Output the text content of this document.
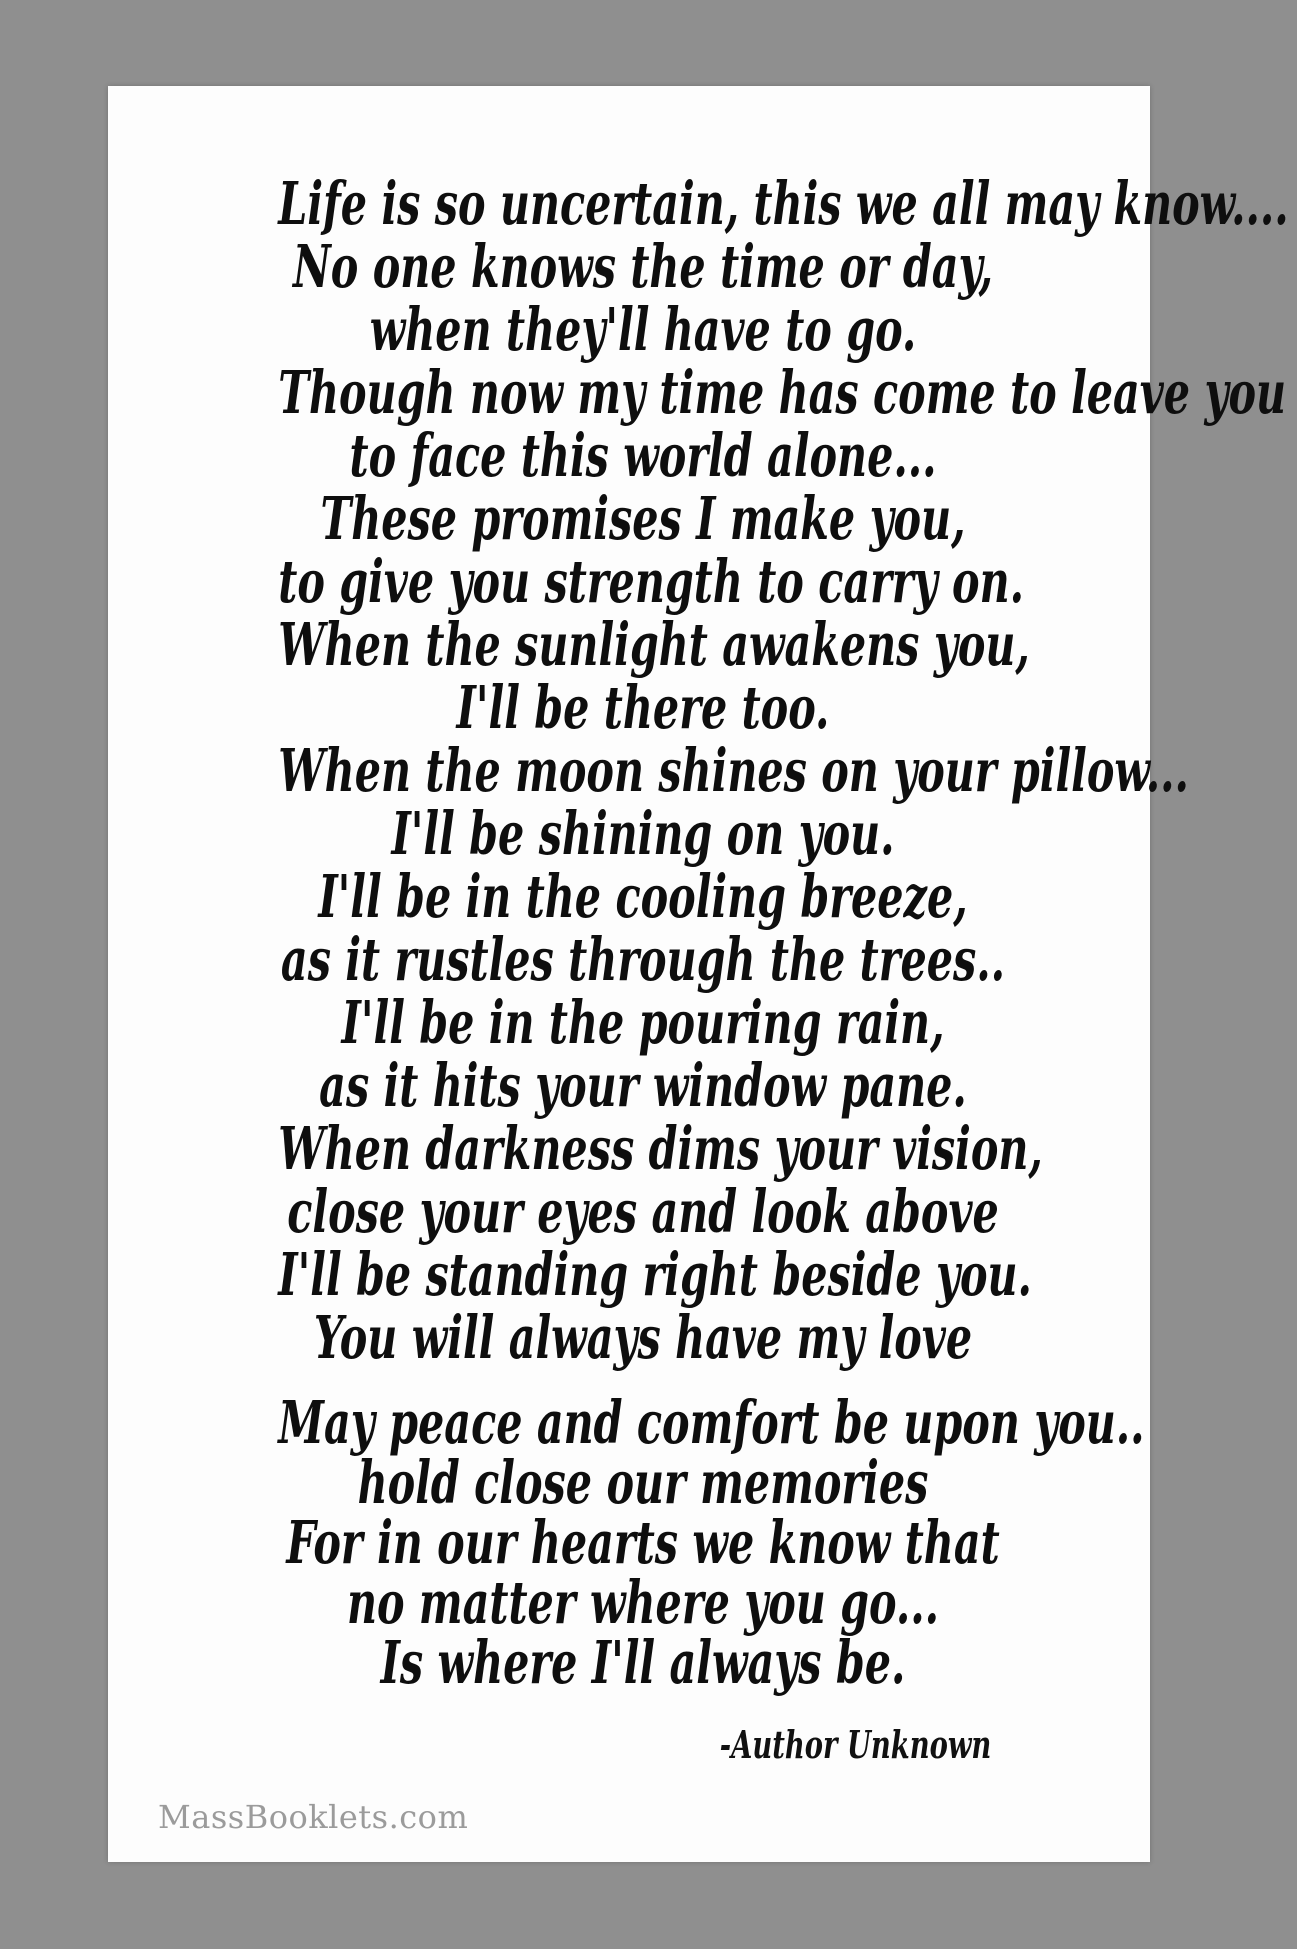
Life is so uncertain, this we all may know....
No one knows the time or day,
when they'll have to go.
Though now my time has come to leave you
to face this world alone...
These promises I make you,
to give you strength to carry on.
When the sunlight awakens you,
I'll be there too.
When the moon shines on your pillow...
I'll be shining on you.
I'll be in the cooling breeze,
as it rustles through the trees..
I'll be in the pouring rain,
as it hits your window pane.
When darkness dims your vision,
close your eyes and look above
I'll be standing right beside you.
You will always have my love
May peace and comfort be upon you..
hold close our memories
For in our hearts we know that
no matter where you go...
Is where I'll always be.
-Author Unknown
MassBooklets.com
